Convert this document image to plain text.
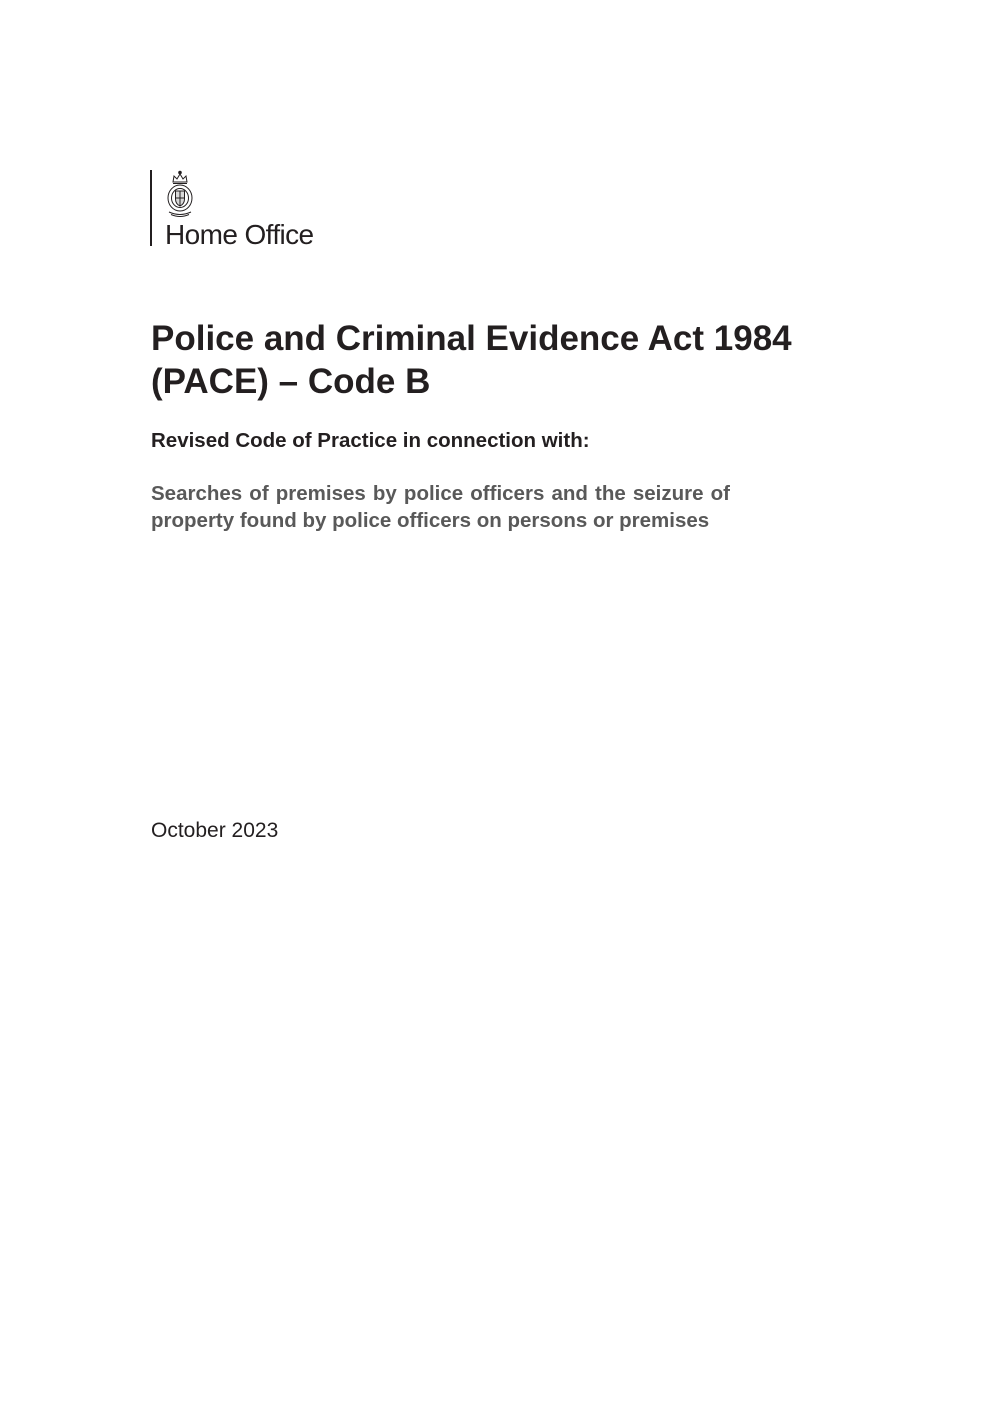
Home Office
Police and Criminal Evidence Act 1984
(PACE) – Code B

Revised Code of Practice in connection with:

Searches of premises by police officers and the seizure of property found by police officers on persons or premises

October 2023
